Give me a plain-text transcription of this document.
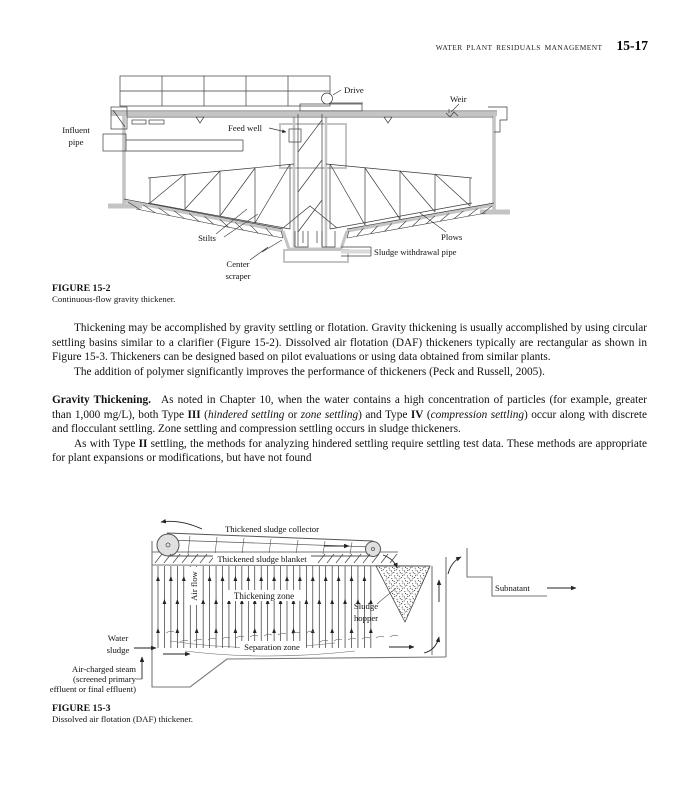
WATER PLANT RESIDUALS MANAGEMENT 15-17
Influent
pipe
Feed well
Drive
Weir
Stilts	Plows
Sludge withdrawal pipe
Center
scraper
FIGURE 15-2
Continuous-flow gravity thickener.

Thickening may be accomplished by gravity settling or flotation. Gravity thickening is usually accomplished by using circular settling basins similar to a clarifier (Figure 15-2). Dissolved air flotation (DAF) thickeners typically are rectangular as shown in Figure 15-3. Thickeners can be designed based on pilot evaluations or using data obtained from similar plants.

The addition of polymer significantly improves the performance of thickeners (Peck and Russell, 2005).

Gravity Thickening. As noted in Chapter 10, when the water contains a high concentration of particles (for example, greater than 1,000 mg/L), both Type III (hindered settling or zone settling) and Type IV (compression settling) occur along with discrete and flocculant settling. Zone settling and compression settling occurs in sludge thickeners.

As with Type II settling, the methods for analyzing hindered settling require settling test data. These methods are appropriate for plant expansions or modifications, but have not found

Thickened sludge collector
Thickened sludge blanket
Air flow	Thickening zone
Sludge
hopper
Subnatant
Separation zone
Water
sludge
Air-charged steam
(screened primary
effluent or final effluent)
FIGURE 15-3
Dissolved air flotation (DAF) thickener.
